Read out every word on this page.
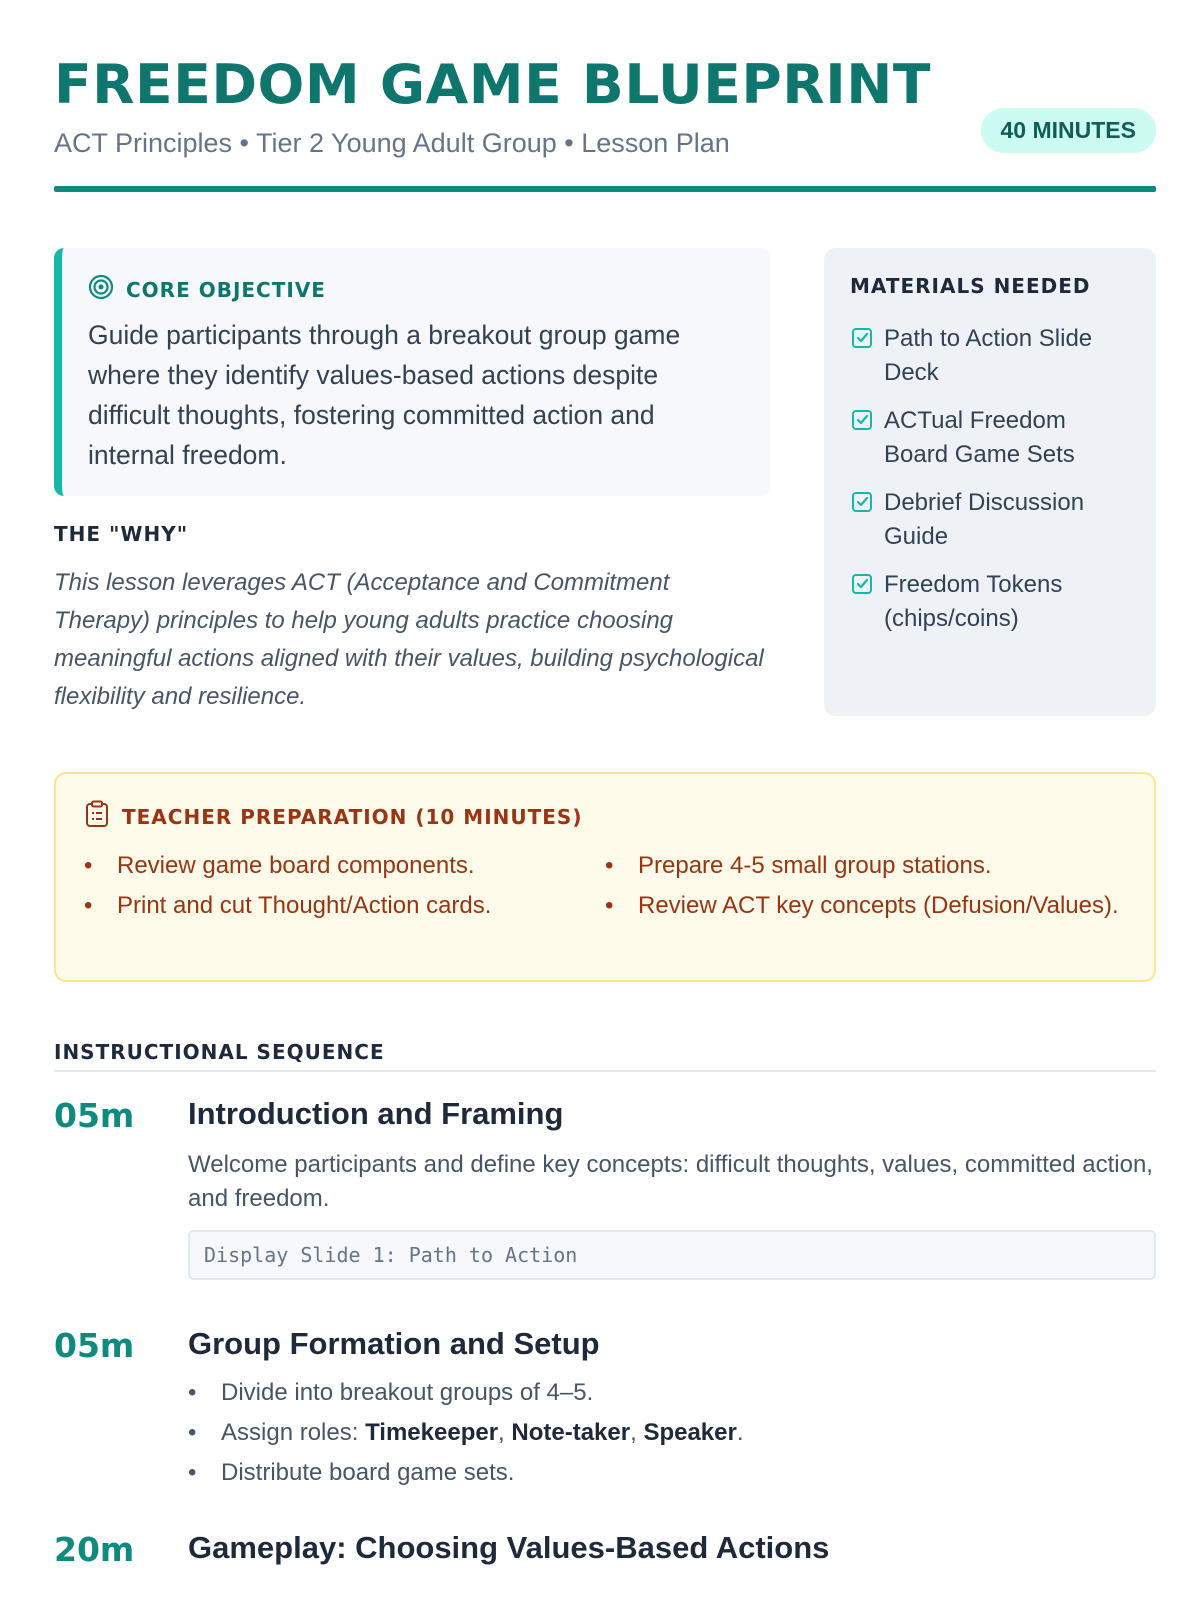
FREEDOM GAME BLUEPRINT
ACT Principles • Tier 2 Young Adult Group • Lesson Plan	40 MINUTES
CORE OBJECTIVE
Guide participants through a breakout group game where they identify values-based actions despite difficult thoughts, fostering committed action and internal freedom.
THE "WHY"
This lesson leverages ACT (Acceptance and Commitment Therapy) principles to help young adults practice choosing meaningful actions aligned with their values, building psychological flexibility and resilience.
MATERIALS NEEDED
Path to Action Slide Deck
ACTual Freedom Board Game Sets
Debrief Discussion Guide
Freedom Tokens (chips/coins)
TEACHER PREPARATION (10 MINUTES)
• Review game board components.
• Print and cut Thought/Action cards.
• Prepare 4-5 small group stations.
• Review ACT key concepts (Defusion/Values).
INSTRUCTIONAL SEQUENCE
05m Introduction and Framing
Welcome participants and define key concepts: difficult thoughts, values, committed action, and freedom.
Display Slide 1: Path to Action
05m Group Formation and Setup
• Divide into breakout groups of 4–5.
• Assign roles: Timekeeper, Note-taker, Speaker.
• Distribute board game sets.
20m Gameplay: Choosing Values-Based Actions
